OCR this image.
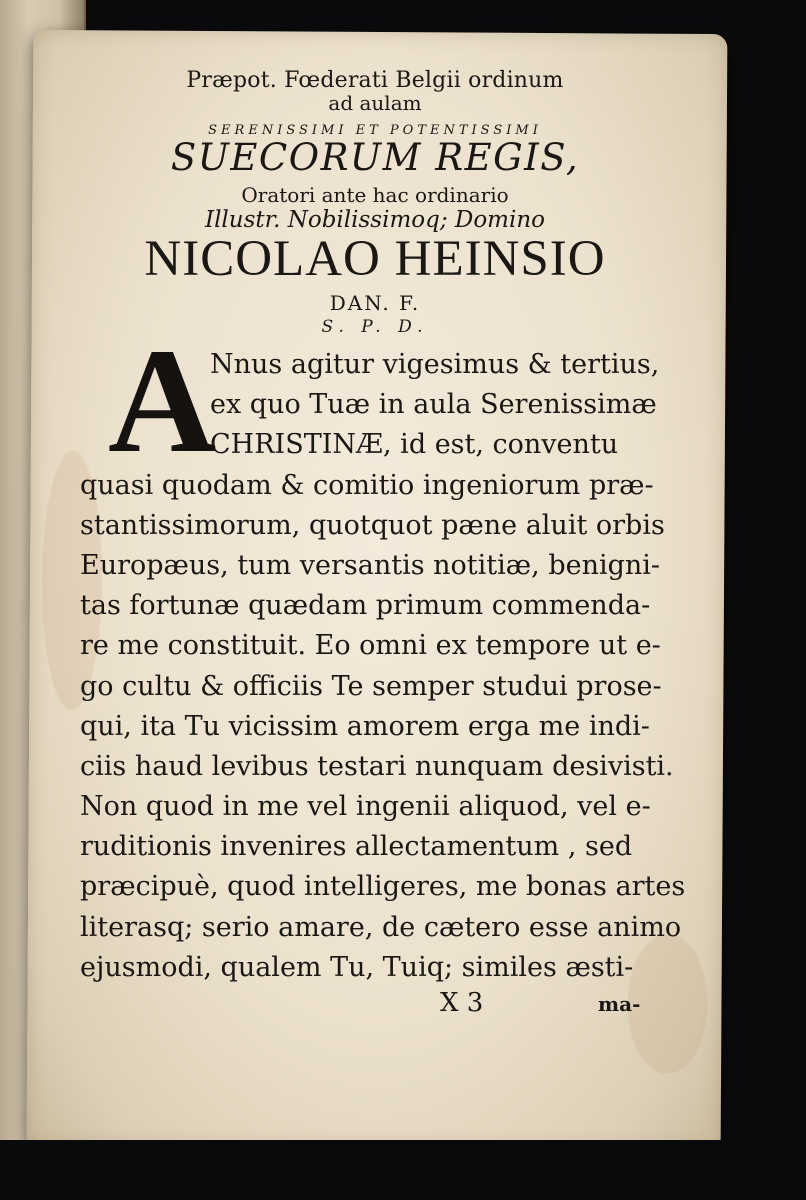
Præpot. Fœderati Belgii ordinum
ad aulam
SERENISSIMI ET POTENTISSIMI
SUECORUM REGIS,
Oratori ante hac ordinario
Illustr. Nobilissimoq; Domino
NICOLAO HEINSIO
DAN. F.
S. P. D.
A
Nnus agitur vigesimus & tertius,
ex quo Tuæ in aula Serenissimæ
CHRISTINÆ, id est, conventu
quasi quodam & comitio ingeniorum præ-
stantissimorum, quotquot pæne aluit orbis
Europæus, tum versantis notitiæ, benigni-
tas fortunæ quædam primum commenda-
re me constituit. Eo omni ex tempore ut e-
go cultu & officiis Te semper studui prose-
qui, ita Tu vicissim amorem erga me indi-
ciis haud levibus testari nunquam desivisti.
Non quod in me vel ingenii aliquod, vel e-
ruditionis invenires allectamentum , sed
præcipuè, quod intelligeres, me bonas artes
literasq; serio amare, de cætero esse animo
ejusmodi, qualem Tu, Tuiq; similes æsti-
X 3	ma-
